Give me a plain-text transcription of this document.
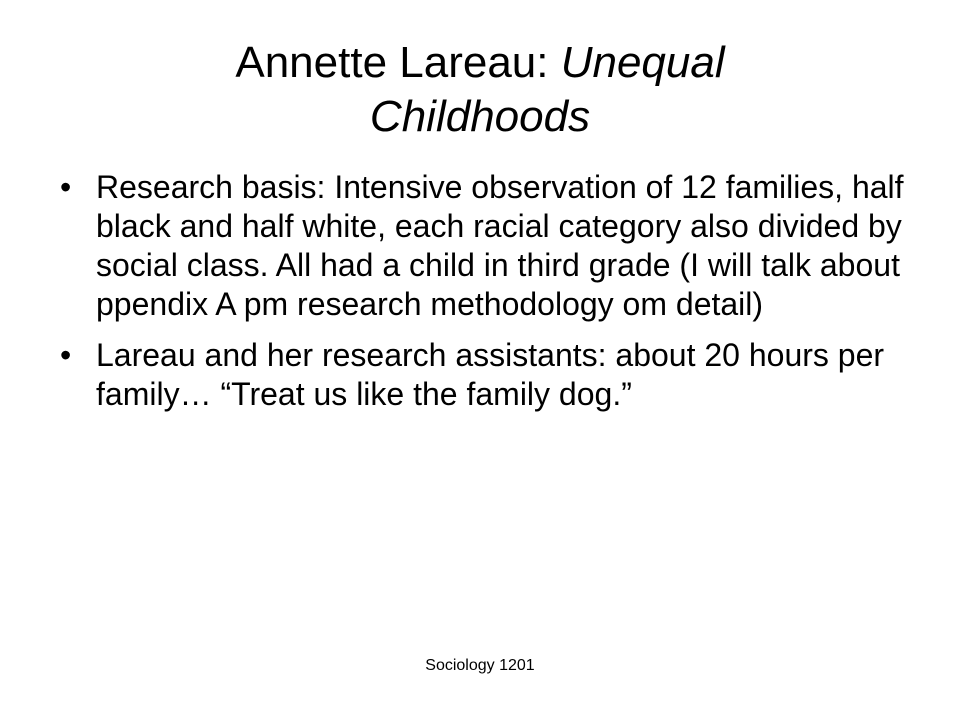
Annette Lareau: Unequal
Childhoods
• Research basis: Intensive observation of 12 families, half black and half white, each racial category also divided by social class. All had a child in third grade (I will talk about ppendix A pm research methodology om detail)
• Lareau and her research assistants: about 20 hours per family… “Treat us like the family dog.”
Sociology 1201
